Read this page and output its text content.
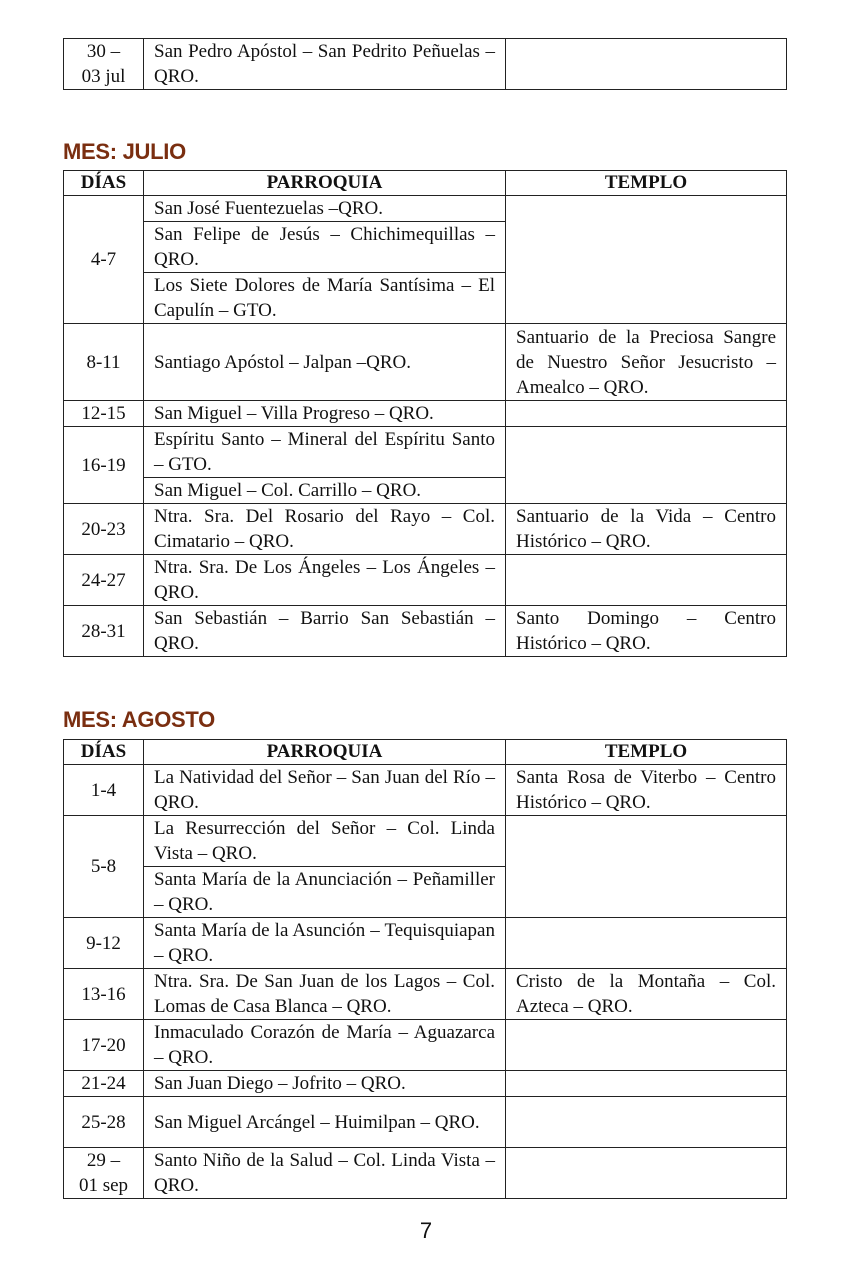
30 –
03 jul	San Pedro Apóstol – San Pedrito Peñuelas – QRO.	
MES: JULIO
DÍAS	PARROQUIA	TEMPLO
4-7	San José Fuentezuelas –QRO.	
	San Felipe de Jesús – Chichimequillas – QRO.	
	Los Siete Dolores de María Santísima – El Capulín – GTO.	
8-11	Santiago Apóstol – Jalpan –QRO.	Santuario de la Preciosa Sangre de Nuestro Señor Jesucristo – Amealco – QRO.
12-15	San Miguel – Villa Progreso – QRO.	
16-19	Espíritu Santo – Mineral del Espíritu Santo – GTO.	
	San Miguel – Col. Carrillo – QRO.	
20-23	Ntra. Sra. Del Rosario del Rayo – Col. Cimatario – QRO.	Santuario de la Vida – Centro Histórico – QRO.
24-27	Ntra. Sra. De Los Ángeles – Los Ángeles – QRO.	
28-31	San Sebastián – Barrio San Sebastián – QRO.	Santo Domingo – Centro Histórico – QRO.
MES: AGOSTO
DÍAS	PARROQUIA	TEMPLO
1-4	La Natividad del Señor – San Juan del Río – QRO.	Santa Rosa de Viterbo – Centro Histórico – QRO.
5-8	La Resurrección del Señor – Col. Linda Vista – QRO.	
	Santa María de la Anunciación – Peñamiller – QRO.	
9-12	Santa María de la Asunción – Tequisquiapan – QRO.	
13-16	Ntra. Sra. De San Juan de los Lagos – Col. Lomas de Casa Blanca – QRO.	Cristo de la Montaña – Col. Azteca – QRO.
17-20	Inmaculado Corazón de María – Aguazarca – QRO.	
21-24	San Juan Diego – Jofrito – QRO.	
25-28	San Miguel Arcángel – Huimilpan – QRO.	
29 –
01 sep	Santo Niño de la Salud – Col. Linda Vista – QRO.	
7
